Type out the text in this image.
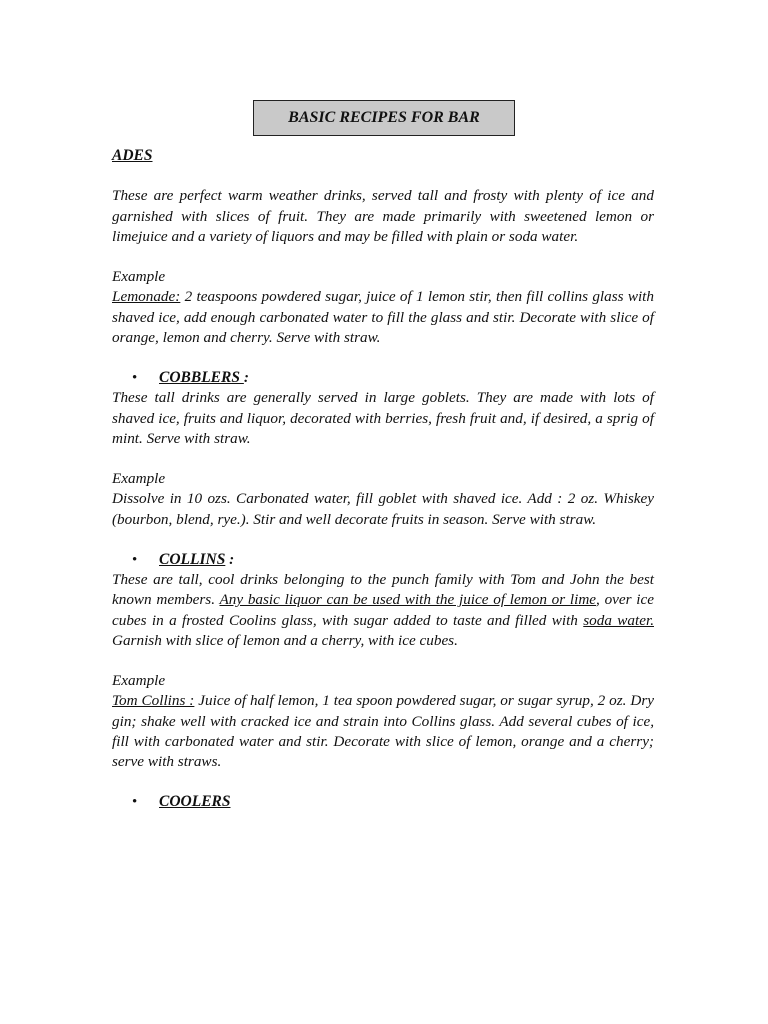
BASIC RECIPES FOR BAR

ADES

These are perfect warm weather drinks, served tall and frosty with plenty of ice and garnished with slices of fruit. They are made primarily with sweetened lemon or limejuice and a variety of liquors and may be filled with plain or soda water.

Example

Lemonade: 2 teaspoons powdered sugar, juice of 1 lemon stir, then fill collins glass with shaved ice, add enough carbonated water to fill the glass and stir. Decorate with slice of orange, lemon and cherry. Serve with straw.

• COBBLERS :

These tall drinks are generally served in large goblets. They are made with lots of shaved ice, fruits and liquor, decorated with berries, fresh fruit and, if desired, a sprig of mint. Serve with straw.

Example

Dissolve in 10 ozs. Carbonated water, fill goblet with shaved ice. Add : 2 oz. Whiskey (bourbon, blend, rye.). Stir and well decorate fruits in season. Serve with straw.

• COLLINS :

These are tall, cool drinks belonging to the punch family with Tom and John the best known members. Any basic liquor can be used with the juice of lemon or lime, over ice cubes in a frosted Coolins glass, with sugar added to taste and filled with soda water. Garnish with slice of lemon and a cherry, with ice cubes.

Example

Tom Collins : Juice of half lemon, 1 tea spoon powdered sugar, or sugar syrup, 2 oz. Dry gin; shake well with cracked ice and strain into Collins glass. Add several cubes of ice, fill with carbonated water and stir. Decorate with slice of lemon, orange and a cherry; serve with straws.

• COOLERS
